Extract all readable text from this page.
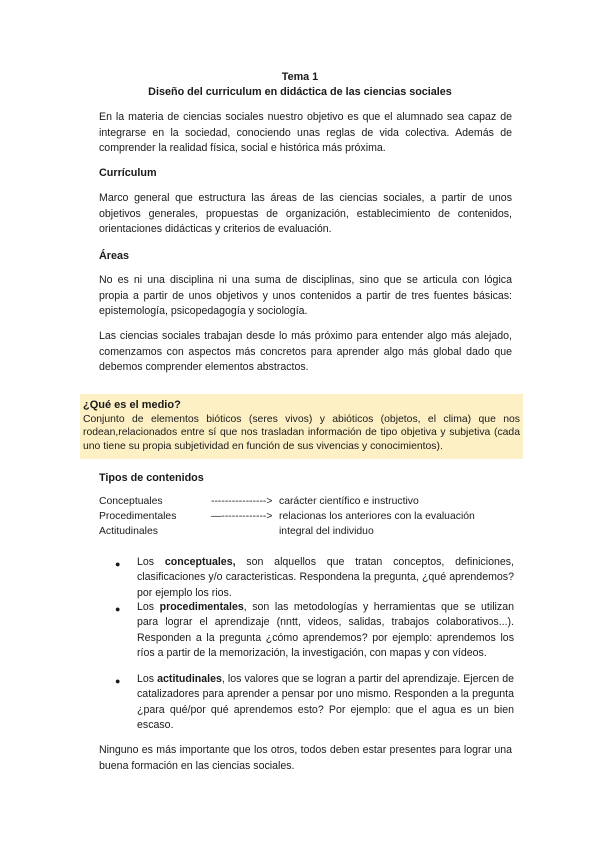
Tema 1
Diseño del curriculum en didáctica de las ciencias sociales
En la materia de ciencias sociales nuestro objetivo es que el alumnado sea capaz de integrarse en la sociedad, conociendo unas reglas de vida colectiva. Además de comprender la realidad física, social e histórica más próxima.
Currículum
Marco general que estructura las áreas de las ciencias sociales, a partir de unos objetivos generales, propuestas de organización, establecimiento de contenidos, orientaciones didácticas y criterios de evaluación.
Áreas
No es ni una disciplina ni una suma de disciplinas, sino que se articula con lógica propia a partir de unos objetivos y unos contenidos a partir de tres fuentes básicas: epistemología, psicopedagogía y sociología.
Las ciencias sociales trabajan desde lo más próximo para entender algo más alejado, comenzamos con aspectos más concretos para aprender algo más global dado que debemos comprender elementos abstractos.
¿Qué es el medio?
Conjunto de elementos bióticos (seres vivos) y abióticos (objetos, el clima) que nos rodean,relacionados entre sí que nos trasladan información de tipo objetiva y subjetiva (cada uno tiene su propia subjetividad en función de sus vivencias y conocimientos).
Tipos de contenidos
Conceptuales	----------------> carácter científico e instructivo
Procedimentales	—-------------> relacionas los anteriores con la evaluación
Actitudinales	integral del individuo
● Los conceptuales, son alquellos que tratan conceptos, definiciones, clasificaciones y/o caracteristicas. Respondena la pregunta, ¿qué aprendemos? por ejemplo los rios.
● Los procedimentales, son las metodologías y herramientas que se utilizan para lograr el aprendizaje (nntt, videos, salidas, trabajos colaborativos...). Responden a la pregunta ¿cómo aprendemos? por ejemplo: aprendemos los ríos a partir de la memorización, la investigación, con mapas y con vídeos.
● Los actitudinales, los valores que se logran a partir del aprendizaje. Ejercen de catalizadores para aprender a pensar por uno mismo. Responden a la pregunta ¿para qué/por qué aprendemos esto? Por ejemplo: que el agua es un bien escaso.
Ninguno es más importante que los otros, todos deben estar presentes para lograr una buena formación en las ciencias sociales.
